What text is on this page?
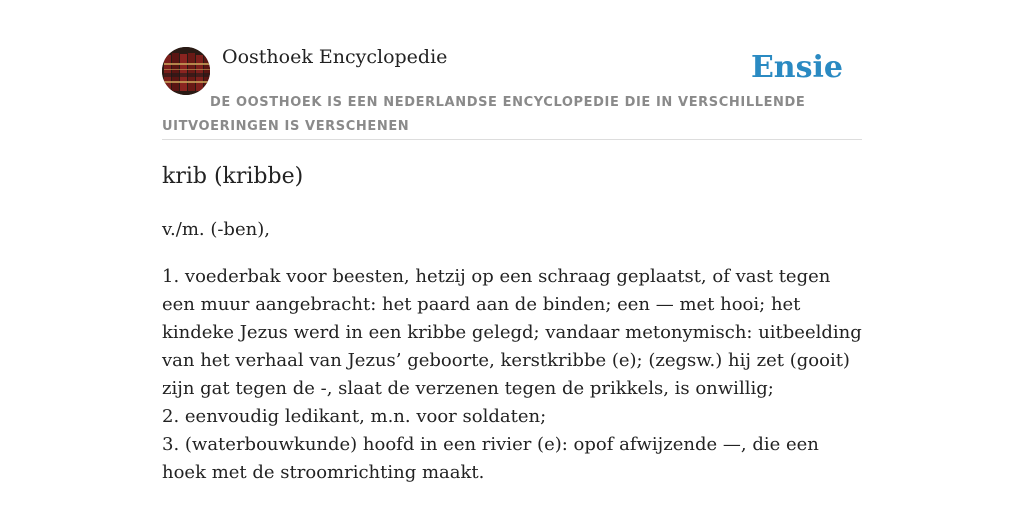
Oosthoek Encyclopedie	Ensie
DE OOSTHOEK IS EEN NEDERLANDSE ENCYCLOPEDIE DIE IN VERSCHILLENDE UITVOERINGEN IS VERSCHENEN
krib (kribbe)

v./m. (-ben),

1. voederbak voor beesten, hetzij op een schraag geplaatst, of vast tegen een muur aangebracht: het paard aan de binden; een — met hooi; het kindeke Jezus werd in een kribbe gelegd; vandaar metonymisch: uitbeelding van het verhaal van Jezus’ geboorte, kerstkribbe (e); (zegsw.) hij zet (gooit) zijn gat tegen de -, slaat de verzenen tegen de prikkels, is onwillig;

2. eenvoudig ledikant, m.n. voor soldaten;

3. (waterbouwkunde) hoofd in een rivier (e): opof afwijzende —, die een hoek met de stroomrichting maakt.
